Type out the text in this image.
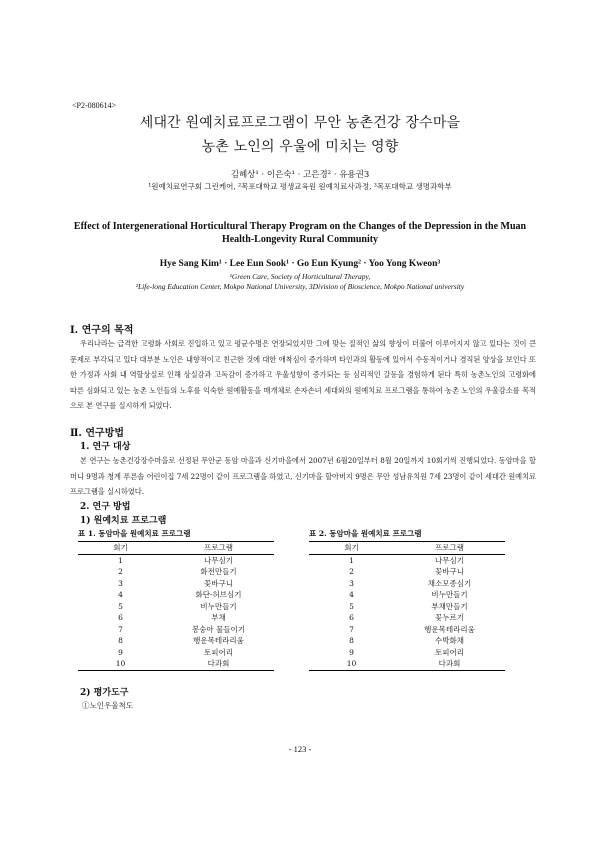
<P2-080614>
세대간 원예치료프로그램이 무안 농촌건강 장수마을
농촌 노인의 우울에 미치는 영향
김혜상¹ · 이은숙¹ · 고은경² · 유용권3
¹원예치료연구회 그린케어, ²목포대학교 평생교육원 원예치료사과정, ³목포대학교 생명과학부
Effect of Intergenerational Horticultural Therapy Program on the Changes of the Depression in the Muan Health-Longevity Rural Community
Hye Sang Kim¹ · Lee Eun Sook¹ · Go Eun Kyung² · Yoo Yong Kweon³
¹Green Care, Society of Horticultural Therapy,
²Life-long Education Center, Mokpo National University, 3Division of Bioscience, Mokpo National university
Ⅰ. 연구의 목적
우리나라는 급격한 고령화 사회로 진입하고 있고 평균수명은 연장되었지만 그에 맞는 질적인 삶의 향상이 더불어 이루어지지 않고 있다는 것이 큰 문제로 부각되고 있다 대부분 노인은 내향적이고 친근한 것에 대한 애착심이 증가하며 타인과의 활동에 있어서 수동적이거나 경직된 양상을 보인다 또한 가정과 사회 내 역할상실로 인해 상실감과 고독감이 증가하고 우울성향이 증가되는 등 심리적인 갈등을 경험하게 된다 특히 농촌노인의 고령화에 따른 심화되고 있는 농촌 노인들의 노후를 익숙한 원예활동을 매개체로 손자손녀 세대와의 원예치료 프로그램을 통하여 농촌 노인의 우울감소를 목적으로 본 연구를 실시하게 되었다.
Ⅱ. 연구방법
1. 연구 대상
본 연구는 농촌건강장수마을로 선정된 무안군 동암 마을과 신기마을에서 2007년 6월20일부터 8월 20일까지 10회기씩 진행되었다. 동암마을 할머니 9명과 청계 푸른솔 어린이집 7세 22명이 같이 프로그램을 하였고, 신기마을 할아버지 9명은 무안 성남유치원 7세 23명이 같이 세대간 원예치료 프로그램을 실시하였다.
2. 연구 방법
1) 원예치료 프로그램
표 1. 동암마을 원예치료 프로그램
회기	프로그램
1	나무심기
2	화전만들기
3	꽃바구니
4	화단-허브심기
5	비누만들기
6	부채
7	봉숭아 물들이기
8	행운목테라리움
9	토피어리
10	다과회
표 2. 동암마을 원예치료 프로그램
회기	프로그램
1	나무심기
2	꽃바구니
3	채소모종심기
4	비누만들기
5	부채만들기
6	꽃누르기
7	행운목테라리움
8	수박화채
9	토피어리
10	다과회
2) 평가도구
①노인우울척도
- 123 -
